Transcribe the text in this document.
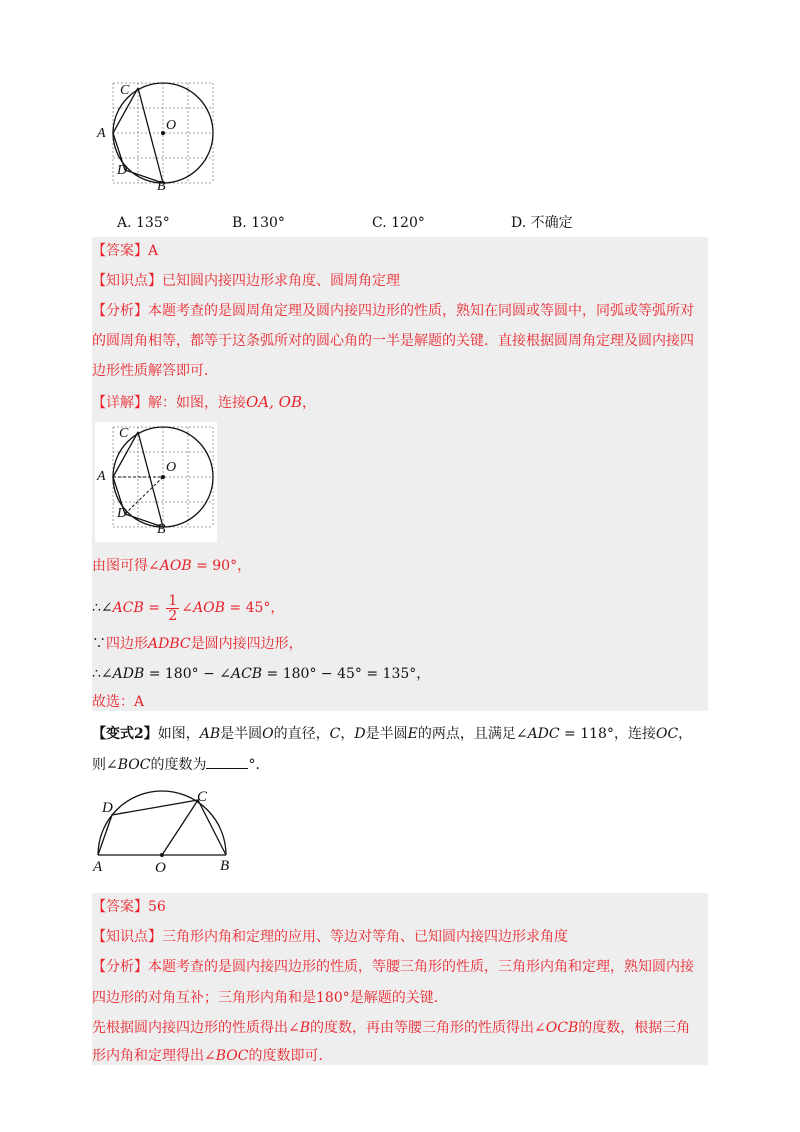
C
A
O
D
B
A. 135°	B. 130°	C. 120°	D. 不确定
【答案】A
【知识点】已知圆内接四边形求角度、圆周角定理
【分析】本题考查的是圆周角定理及圆内接四边形的性质，熟知在同圆或等圆中，同弧或等弧所对
的圆周角相等，都等于这条弧所对的圆心角的一半是解题的关键．直接根据圆周角定理及圆内接四
边形性质解答即可．
【详解】解：如图，连接OA, OB，
C
A
O
D
B
由图可得∠AOB = 90°，
∴∠ACB = $\frac{1}{2}$ ∠AOB = 45°，
∵四边形ADBC是圆内接四边形，
∴∠ADB = 180° − ∠ACB = 180° − 45° = 135°，
故选：A
【变式2】如图，AB是半圆O的直径，C，D是半圆E的两点，且满足∠ADC = 118°，连接OC，
则∠BOC的度数为	°．
D
C
A	O	B
【答案】56
【知识点】三角形内角和定理的应用、等边对等角、已知圆内接四边形求角度
【分析】本题考查的是圆内接四边形的性质，等腰三角形的性质，三角形内角和定理，熟知圆内接
四边形的对角互补；三角形内角和是180°是解题的关键．
先根据圆内接四边形的性质得出∠B的度数，再由等腰三角形的性质得出∠OCB的度数，根据三角
形内角和定理得出∠BOC的度数即可．
